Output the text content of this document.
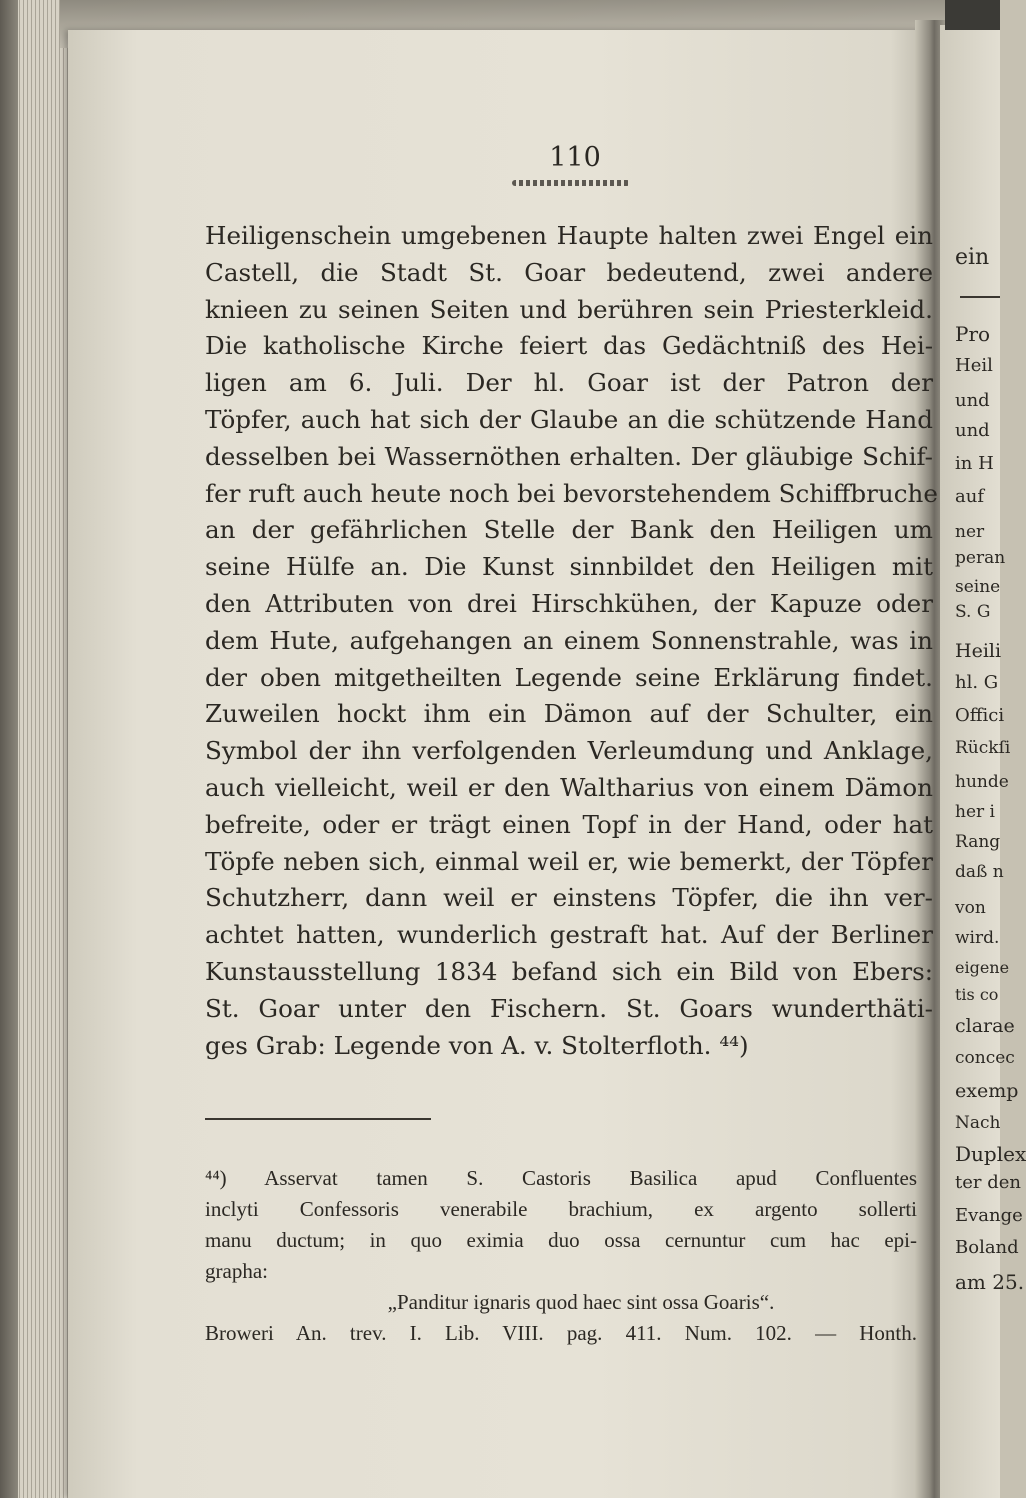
110
Heiligenschein umgebenen Haupte halten zwei Engel ein
Castell, die Stadt St. Goar bedeutend, zwei andere
knieen zu seinen Seiten und berühren sein Priesterkleid.
Die katholische Kirche feiert das Gedächtniß des Hei-
ligen am 6. Juli. Der hl. Goar ist der Patron der
Töpfer, auch hat sich der Glaube an die schützende Hand
desselben bei Wassernöthen erhalten. Der gläubige Schif-
fer ruft auch heute noch bei bevorstehendem Schiffbruche
an der gefährlichen Stelle der Bank den Heiligen um
seine Hülfe an. Die Kunst sinnbildet den Heiligen mit
den Attributen von drei Hirschkühen, der Kapuze oder
dem Hute, aufgehangen an einem Sonnenstrahle, was in
der oben mitgetheilten Legende seine Erklärung findet.
Zuweilen hockt ihm ein Dämon auf der Schulter, ein
Symbol der ihn verfolgenden Verleumdung und Anklage,
auch vielleicht, weil er den Waltharius von einem Dämon
befreite, oder er trägt einen Topf in der Hand, oder hat
Töpfe neben sich, einmal weil er, wie bemerkt, der Töpfer
Schutzherr, dann weil er einstens Töpfer, die ihn ver-
achtet hatten, wunderlich gestraft hat. Auf der Berliner
Kunstausstellung 1834 befand sich ein Bild von Ebers:
St. Goar unter den Fischern. St. Goars wunderthäti-
ges Grab: Legende von A. v. Stolterfloth. ⁴⁴)
⁴⁴) Asservat tamen S. Castoris Basilica apud Confluentes
inclyti Confessoris venerabile brachium, ex argento sollerti
manu ductum; in quo eximia duo ossa cernuntur cum hac epi-
grapha:
„Panditur ignaris quod haec sint ossa Goaris“.
Broweri An. trev. I. Lib. VIII. pag. 411. Num. 102. — Honth.
ein
Pro
Heil
und
und
in H
auf
ner
peran
seine
S. G
Heili
hl. G
Offici
Rückſi
hunde
her i
Rang
daß n
von
wird.
eigene
tis co
clarae
concec
exemp
Nach
Duplex
ter den
Evange
Boland
am 25.
